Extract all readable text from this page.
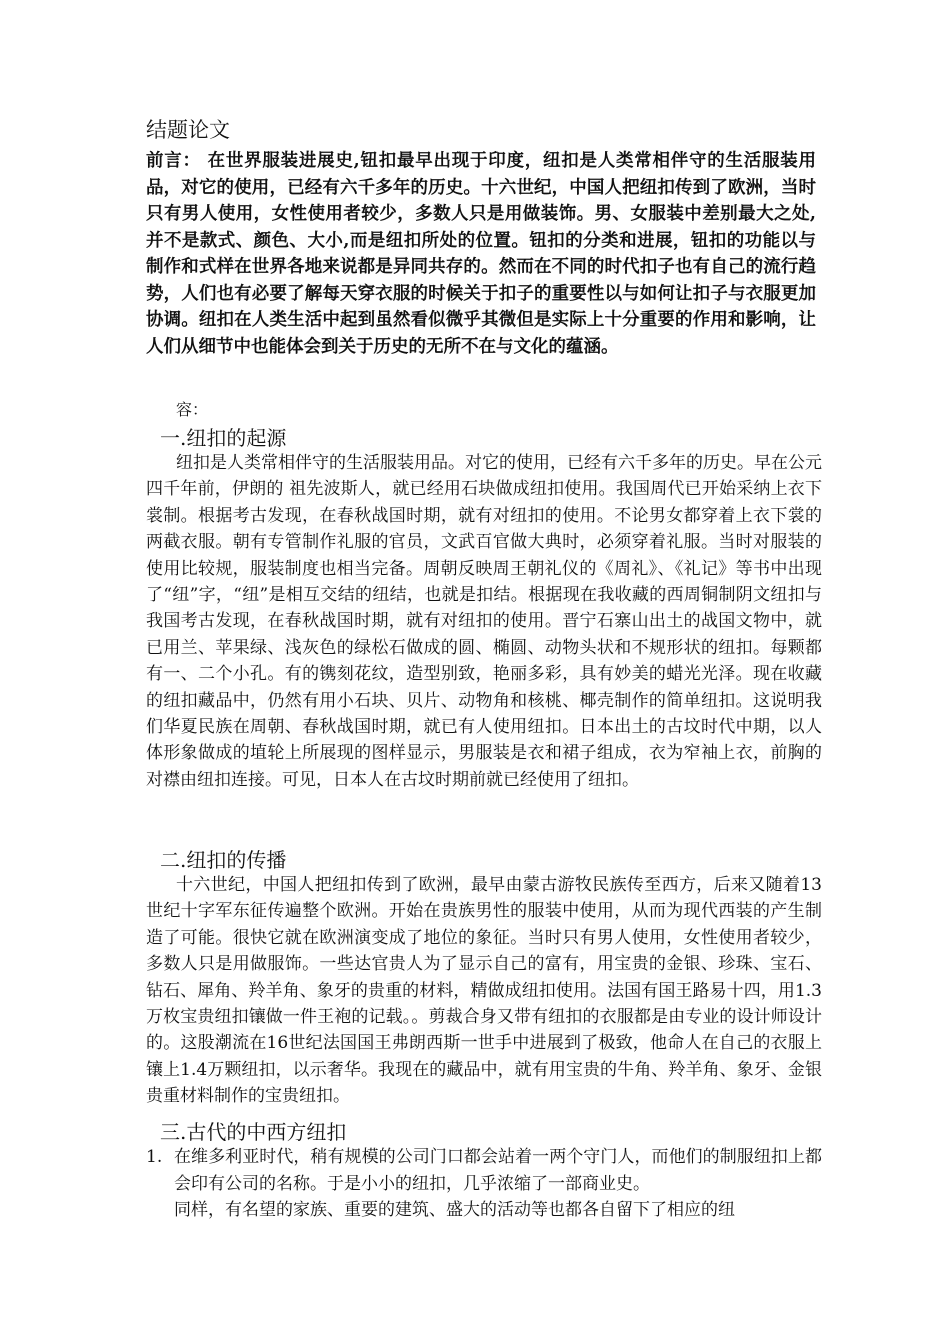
结题论文
前言： 在世界服装进展史,钮扣最早出现于印度，纽扣是人类常相伴守的生活服装用品，对它的使用，已经有六千多年的历史。十六世纪，中国人把纽扣传到了欧洲，当时只有男人使用，女性使用者较少，多数人只是用做装饰。男、女服装中差别最大之处,并不是款式、颜色、大小,而是纽扣所处的位置。钮扣的分类和进展，钮扣的功能以与制作和式样在世界各地来说都是异同共存的。然而在不同的时代扣子也有自己的流行趋势，人们也有必要了解每天穿衣服的时候关于扣子的重要性以与如何让扣子与衣服更加协调。纽扣在人类生活中起到虽然看似微乎其微但是实际上十分重要的作用和影响，让人们从细节中也能体会到关于历史的无所不在与文化的蕴涵。
容：
一.纽扣的起源
纽扣是人类常相伴守的生活服装用品。对它的使用，已经有六千多年的历史。早在公元四千年前，伊朗的 祖先波斯人，就已经用石块做成纽扣使用。我国周代已开始采纳上衣下裳制。根据考古发现，在春秋战国时期，就有对纽扣的使用。不论男女都穿着上衣下裳的两截衣服。朝有专管制作礼服的官员，文武百官做大典时，必须穿着礼服。当时对服装的使用比较规，服装制度也相当完备。周朝反映周王朝礼仪的《周礼》、《礼记》等书中出现了“纽”字，“纽”是相互交结的纽结，也就是扣结。根据现在我收藏的西周铜制阴文纽扣与我国考古发现，在春秋战国时期，就有对纽扣的使用。晋宁石寨山出土的战国文物中，就已用兰、苹果绿、浅灰色的绿松石做成的圆、椭圆、动物头状和不规形状的纽扣。每颗都有一、二个小孔。有的镌刻花纹，造型别致，艳丽多彩，具有妙美的蜡光光泽。现在收藏的纽扣藏品中，仍然有用小石块、贝片、动物角和核桃、椰壳制作的简单纽扣。这说明我们华夏民族在周朝、春秋战国时期，就已有人使用纽扣。日本出土的古坟时代中期，以人体形象做成的埴轮上所展现的图样显示，男服装是衣和裙子组成，衣为窄袖上衣，前胸的对襟由纽扣连接。可见，日本人在古坟时期前就已经使用了纽扣。
二.纽扣的传播
十六世纪，中国人把纽扣传到了欧洲，最早由蒙古游牧民族传至西方，后来又随着13世纪十字军东征传遍整个欧洲。开始在贵族男性的服装中使用，从而为现代西装的产生制造了可能。很快它就在欧洲演变成了地位的象征。当时只有男人使用，女性使用者较少，多数人只是用做服饰。一些达官贵人为了显示自己的富有，用宝贵的金银、珍珠、宝石、钻石、犀角、羚羊角、象牙的贵重的材料，精做成纽扣使用。法国有国王路易十四，用1.3万枚宝贵纽扣镶做一件王袍的记载。。剪裁合身又带有纽扣的衣服都是由专业的设计师设计的。这股潮流在16世纪法国国王弗朗西斯一世手中进展到了极致，他命人在自己的衣服上镶上1.4万颗纽扣，以示奢华。我现在的藏品中，就有用宝贵的牛角、羚羊角、象牙、金银贵重材料制作的宝贵纽扣。
三.古代的中西方纽扣
1. 在维多利亚时代，稍有规模的公司门口都会站着一两个守门人，而他们的制服纽扣上都会印有公司的名称。于是小小的纽扣，几乎浓缩了一部商业史。
同样，有名望的家族、重要的建筑、盛大的活动等也都各自留下了相应的纽
